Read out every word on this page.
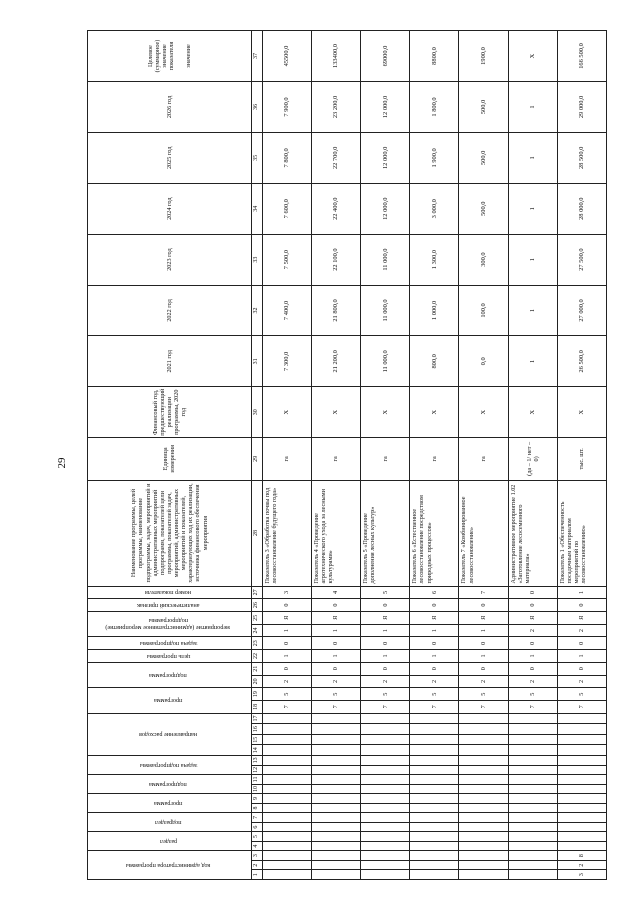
29
код администратора программы			раздел		подраздел		программа		подпрограмма		задача подпрограммы		направление расходов				программа		подпрограмма		цель программы	задача подпрограммы	мероприятие (административное мероприятие) подпрограммы		аналитический признак	номер показателя	Наименование программы, целей программы, наименование подпрограммы, задач, мероприятий и административных мероприятий подпрограмм, показателей цели программы, показателей задач, мероприятий, административных мероприятий и показателей, характеризующих ход их реализации, источника финансового обеспечения мероприятия	Единица измерения	Финансовый год, предшествующий реализации программы, 2020 год	2021 год	2022 год	2023 год	2024 год	2025 год	2026 год	Целевое (суммарное) значение показателя значение

1	2	3	4	5	6	7	8	9	10	11	12	13	14	15	16	17	18	19	20	21	22	23	24	25	26	27	28	29	30	31	32	33	34	35	36	37
																	7	5	2	0	1	0	1	Я	0	3	Показатель 3 «Обработка почвы под лесовосстановление будущего года»	га	X	7 300,0	7 400,0	7 500,0	7 600,0	7 800,0	7 900,0	45500,0
																	7	5	2	0	1	0	1	Я	0	4	Показатель 4 «Проведение агротехнического ухода за лесными культурами»	га	X	21 200,0	21 800,0	22 100,0	22 400,0	22 700,0	23 200,0	133400,0
																	7	5	2	0	1	0	1	Я	0	5	Показатель 5 «Проведение дополнения лесных культур»	га	X	11 000,0	11 000,0	11 000,0	12 000,0	12 000,0	12 000,0	69000,0
																	7	5	2	0	1	0	1	Я	0	6	Показатель 6 «Естественное лесовосстановление посредством природных процессов»	га	X	800,0	1 000,0	1 300,0	3 000,0	1 900,0	1 800,0	8800,0
																	7	5	2	0	1	0	1	Я	0	7	Показатель 7 «Комбинированное лесовосстановление»	га	X	0,0	100,0	300,0	500,0	500,0	500,0	1900,0
																	7	5	2	0	1	0	2	Я	0	0	Административное мероприятие 1.02 «Заготовление лесосеменного материала»	(да – 1/ нет – 0)	X	1	1	1	1	1	1	X
3	2	8															7	5	2	0	1	0	2	Я	0	1	Показатель 1 «Обеспеченность посадочным материалом мероприятий по лесовосстановлению»	тыс. шт.	X	26 500,0	27 000,0	27 500,0	28 000,0	28 500,0	29 000,0	166 500,0
